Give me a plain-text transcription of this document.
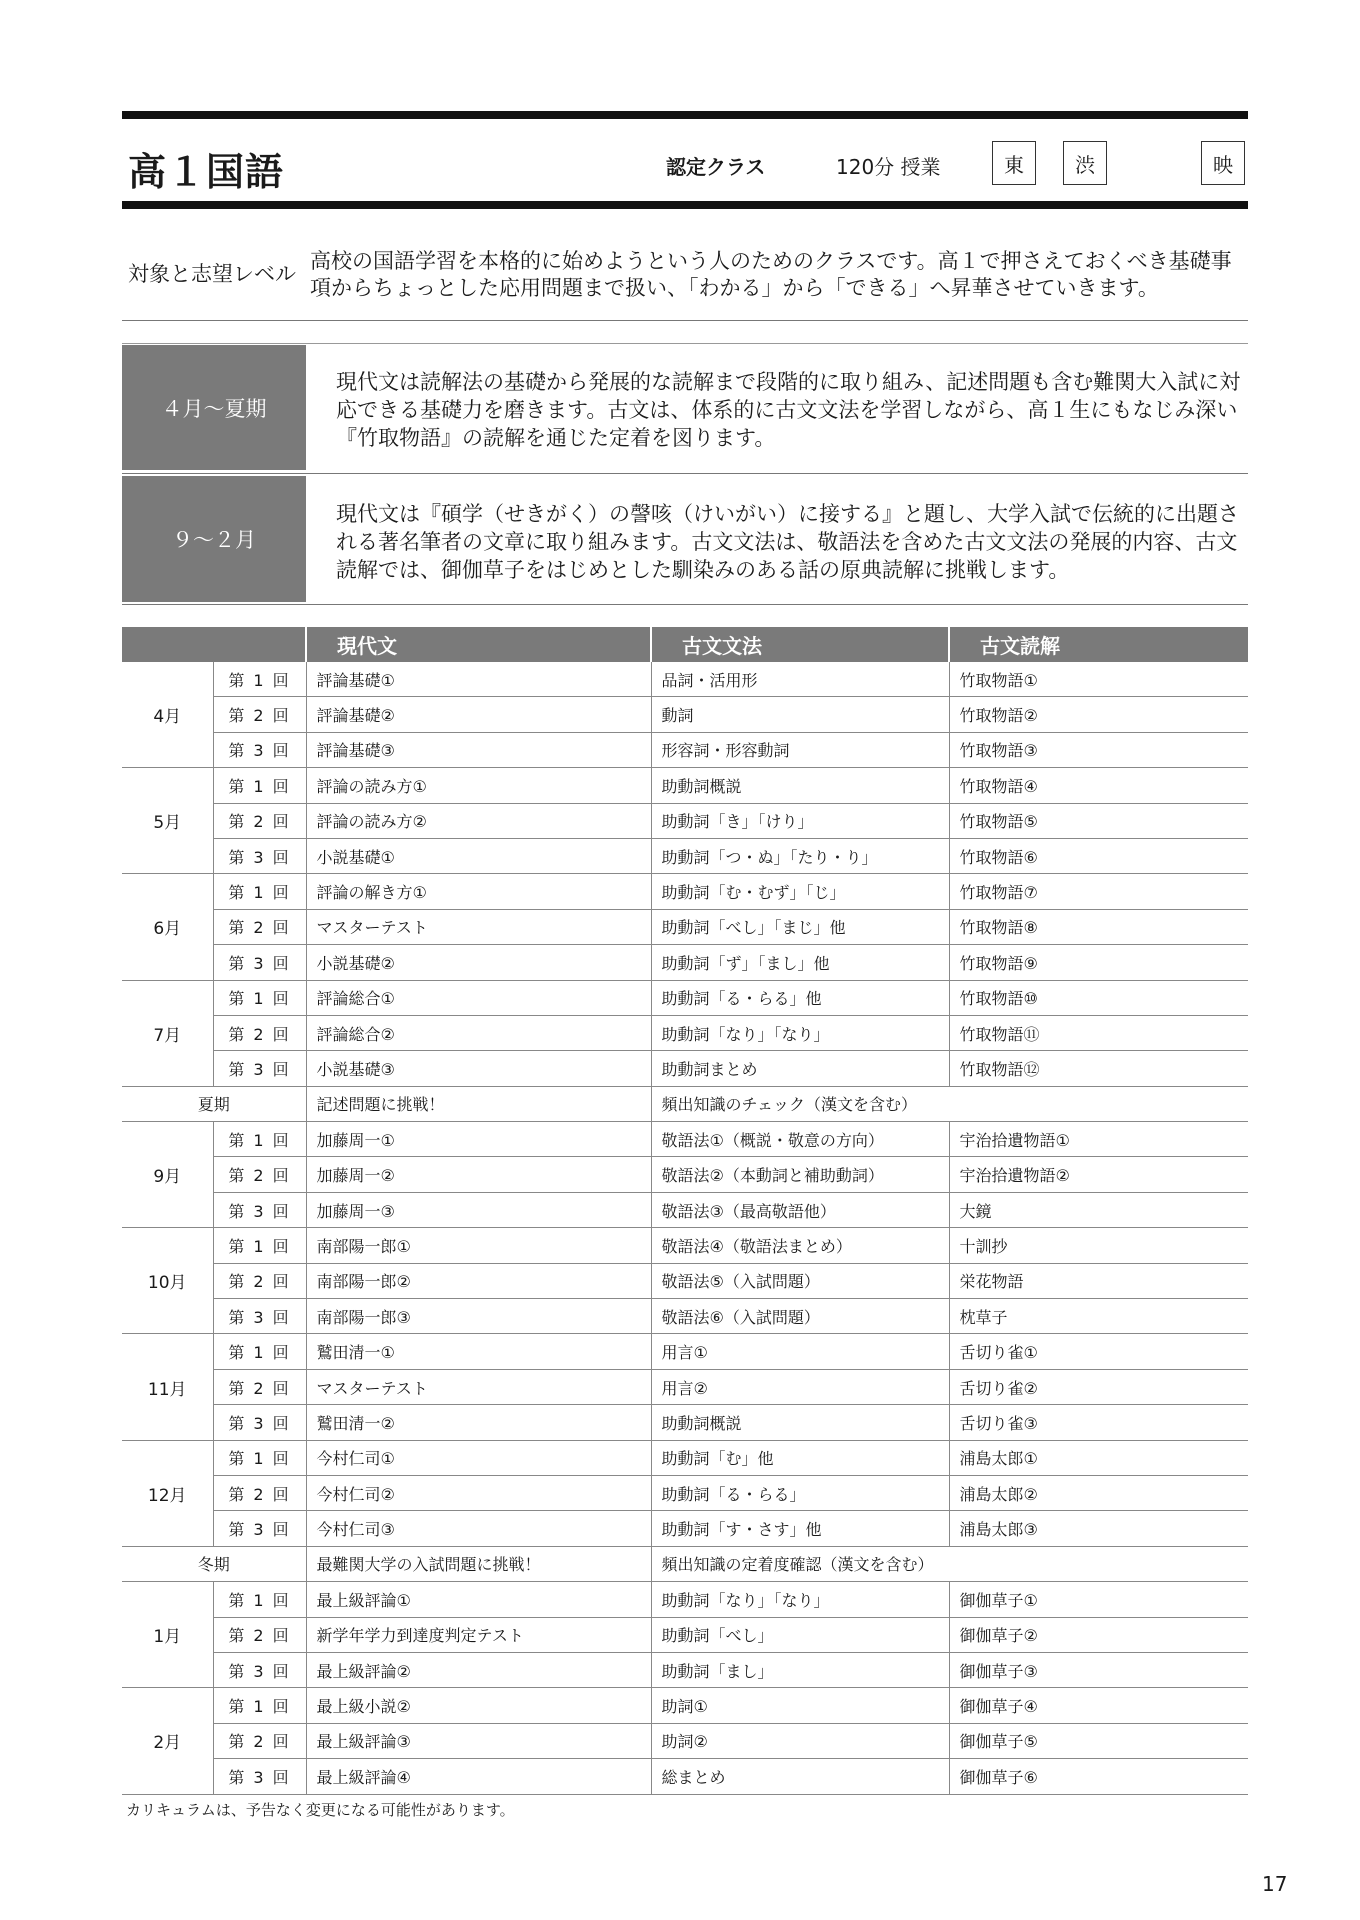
高１国語	認定クラス	120分 授業	東	渋	映
対象と志望レベル
高校の国語学習を本格的に始めようという人のためのクラスです。高１で押さえておくべき基礎事項からちょっとした応用問題まで扱い、「わかる」から「できる」へ昇華させていきます。
４月～夏期
現代文は読解法の基礎から発展的な読解まで段階的に取り組み、記述問題も含む難関大入試に対応できる基礎力を磨きます。古文は、体系的に古文文法を学習しながら、高１生にもなじみ深い『竹取物語』の読解を通じた定着を図ります。
９～２月
現代文は『碩学（せきがく）の謦咳（けいがい）に接する』と題し、大学入試で伝統的に出題される著名筆者の文章に取り組みます。古文文法は、敬語法を含めた古文文法の発展的内容、古文読解では、御伽草子をはじめとした馴染みのある話の原典読解に挑戦します。
		現代文	古文文法	古文読解
4月	第 1 回	評論基礎①	品詞・活用形	竹取物語①
	第 2 回	評論基礎②	動詞	竹取物語②
	第 3 回	評論基礎③	形容詞・形容動詞	竹取物語③
5月	第 1 回	評論の読み方①	助動詞概説	竹取物語④
	第 2 回	評論の読み方②	助動詞「き」「けり」	竹取物語⑤
	第 3 回	小説基礎①	助動詞「つ・ぬ」「たり・り」	竹取物語⑥
6月	第 1 回	評論の解き方①	助動詞「む・むず」「じ」	竹取物語⑦
	第 2 回	マスターテスト	助動詞「べし」「まじ」他	竹取物語⑧
	第 3 回	小説基礎②	助動詞「ず」「まし」他	竹取物語⑨
7月	第 1 回	評論総合①	助動詞「る・らる」他	竹取物語⑩
	第 2 回	評論総合②	助動詞「なり」「なり」	竹取物語⑪
	第 3 回	小説基礎③	助動詞まとめ	竹取物語⑫
夏期		記述問題に挑戦！	頻出知識のチェック（漢文を含む）	
9月	第 1 回	加藤周一①	敬語法①（概説・敬意の方向）	宇治拾遺物語①
	第 2 回	加藤周一②	敬語法②（本動詞と補助動詞）	宇治拾遺物語②
	第 3 回	加藤周一③	敬語法③（最高敬語他）	大鏡
10月	第 1 回	南部陽一郎①	敬語法④（敬語法まとめ）	十訓抄
	第 2 回	南部陽一郎②	敬語法⑤（入試問題）	栄花物語
	第 3 回	南部陽一郎③	敬語法⑥（入試問題）	枕草子
11月	第 1 回	鷲田清一①	用言①	舌切り雀①
	第 2 回	マスターテスト	用言②	舌切り雀②
	第 3 回	鷲田清一②	助動詞概説	舌切り雀③
12月	第 1 回	今村仁司①	助動詞「む」他	浦島太郎①
	第 2 回	今村仁司②	助動詞「る・らる」	浦島太郎②
	第 3 回	今村仁司③	助動詞「す・さす」他	浦島太郎③
冬期		最難関大学の入試問題に挑戦！	頻出知識の定着度確認（漢文を含む）	
1月	第 1 回	最上級評論①	助動詞「なり」「なり」	御伽草子①
	第 2 回	新学年学力到達度判定テスト	助動詞「べし」	御伽草子②
	第 3 回	最上級評論②	助動詞「まし」	御伽草子③
2月	第 1 回	最上級小説②	助詞①	御伽草子④
	第 2 回	最上級評論③	助詞②	御伽草子⑤
	第 3 回	最上級評論④	総まとめ	御伽草子⑥
カリキュラムは、予告なく変更になる可能性があります。
17
